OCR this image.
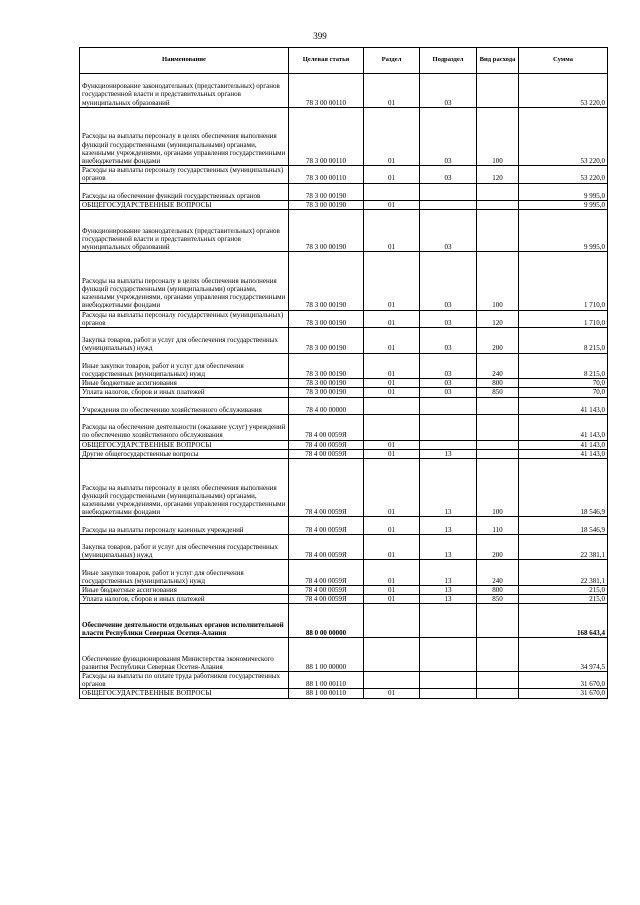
399
Наименование	Целевая статья	Раздел	Подраздел	Вид расхода	Сумма
Функционирование законодательных (представительных) органов государственной власти и представительных органов муниципальных образований	78 3 00 00110	01	03		53 220,0
Расходы на выплаты персоналу в целях обеспечения выполнения функций государственными (муниципальными) органами, казенными учреждениями, органами управления государственными внебюджетными фондами	78 3 00 00110	01	03	100	53 220,0
Расходы на выплаты персоналу государственных (муниципальных) органов	78 3 00 00110	01	03	120	53 220,0
Расходы на обеспечение функций государственных органов	78 3 00 00190				9 995,0
ОБЩЕГОСУДАРСТВЕННЫЕ ВОПРОСЫ	78 3 00 00190	01			9 995,0
Функционирование законодательных (представительных) органов государственной власти и представительных органов муниципальных образований	78 3 00 00190	01	03		9 995,0
Расходы на выплаты персоналу в целях обеспечения выполнения функций государственными (муниципальными) органами, казенными учреждениями, органами управления государственными внебюджетными фондами	78 3 00 00190	01	03	100	1 710,0
Расходы на выплаты персоналу государственных (муниципальных) органов	78 3 00 00190	01	03	120	1 710,0
Закупка товаров, работ и услуг для обеспечения государственных (муниципальных) нужд	78 3 00 00190	01	03	200	8 215,0
Иные закупки товаров, работ и услуг для обеспечения государственных (муниципальных) нужд	78 3 00 00190	01	03	240	8 215,0
Иные бюджетные ассигнования	78 3 00 00190	01	03	800	70,0
Уплата налогов, сборов и иных платежей	78 3 00 00190	01	03	850	70,0
Учреждения по обеспечению хозяйственного обслуживания	78 4 00 00000				41 143,0
Расходы на обеспечение деятельности (оказание услуг) учреждений по обеспечению хозяйственного обслуживания	78 4 00 0059Я				41 143,0
ОБЩЕГОСУДАРСТВЕННЫЕ ВОПРОСЫ	78 4 00 0059Я	01			41 143,0
Другие общегосударственные вопросы	78 4 00 0059Я	01	13		41 143,0
Расходы на выплаты персоналу в целях обеспечения выполнения функций государственными (муниципальными) органами, казенными учреждениями, органами управления государственными внебюджетными фондами	78 4 00 0059Я	01	13	100	18 546,9
Расходы на выплаты персоналу казенных учреждений	78 4 00 0059Я	01	13	110	18 546,9
Закупка товаров, работ и услуг для обеспечения государственных (муниципальных) нужд	78 4 00 0059Я	01	13	200	22 381,1
Иные закупки товаров, работ и услуг для обеспечения государственных (муниципальных) нужд	78 4 00 0059Я	01	13	240	22 381,1
Иные бюджетные ассигнования	78 4 00 0059Я	01	13	800	215,0
Уплата налогов, сборов и иных платежей	78 4 00 0059Я	01	13	850	215,0
Обеспечение деятельности отдельных органов исполнительной власти Республики Северная Осетия-Алания	88 0 00 00000				168 643,4
Обеспечение функционирования Министерства экономического развития Республики Северная Осетия-Алания	88 1 00 00000				34 974,5
Расходы на выплаты по оплате труда работников государственных органов	88 1 00 00110				31 670,0
ОБЩЕГОСУДАРСТВЕННЫЕ ВОПРОСЫ	88 1 00 00110	01			31 670,0
